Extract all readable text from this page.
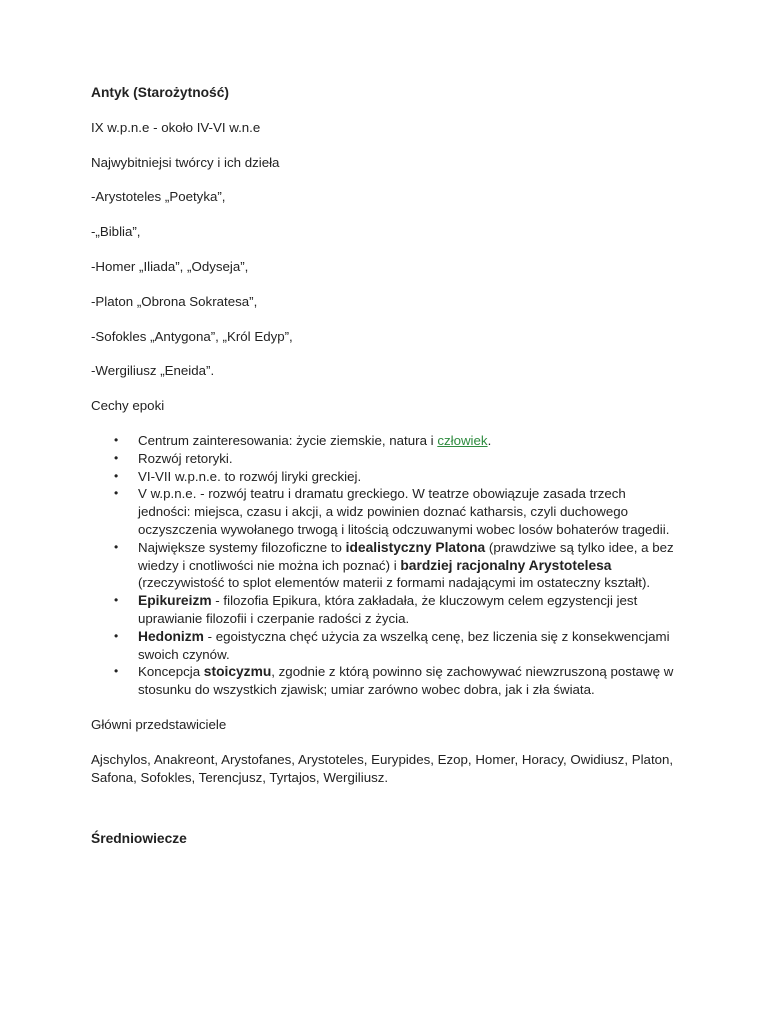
Antyk (Starożytność)

IX w.p.n.e - około IV-VI w.n.e

Najwybitniejsi twórcy i ich dzieła

-Arystoteles „Poetyka”,

-„Biblia”,

-Homer „Iliada”, „Odyseja”,

-Platon „Obrona Sokratesa”,

-Sofokles „Antygona”, „Król Edyp”,

-Wergiliusz „Eneida”.

Cechy epoki

• Centrum zainteresowania: życie ziemskie, natura i człowiek.
• Rozwój retoryki.
• VI-VII w.p.n.e. to rozwój liryki greckiej.
• V w.p.n.e. - rozwój teatru i dramatu greckiego. W teatrze obowiązuje zasada trzech jedności: miejsca, czasu i akcji, a widz powinien doznać katharsis, czyli duchowego oczyszczenia wywołanego trwogą i litością odczuwanymi wobec losów bohaterów tragedii.
• Największe systemy filozoficzne to idealistyczny Platona (prawdziwe są tylko idee, a bez wiedzy i cnotliwości nie można ich poznać) i bardziej racjonalny Arystotelesa (rzeczywistość to splot elementów materii z formami nadającymi im ostateczny kształt).
• Epikureizm - filozofia Epikura, która zakładała, że kluczowym celem egzystencji jest uprawianie filozofii i czerpanie radości z życia.
• Hedonizm - egoistyczna chęć użycia za wszelką cenę, bez liczenia się z konsekwencjami swoich czynów.
• Koncepcja stoicyzmu, zgodnie z którą powinno się zachowywać niewzruszoną postawę w stosunku do wszystkich zjawisk; umiar zarówno wobec dobra, jak i zła świata.

Główni przedstawiciele

Ajschylos, Anakreont, Arystofanes, Arystoteles, Eurypides, Ezop, Homer, Horacy, Owidiusz, Platon, Safona, Sofokles, Terencjusz, Tyrtajos, Wergiliusz.

Średniowiecze
